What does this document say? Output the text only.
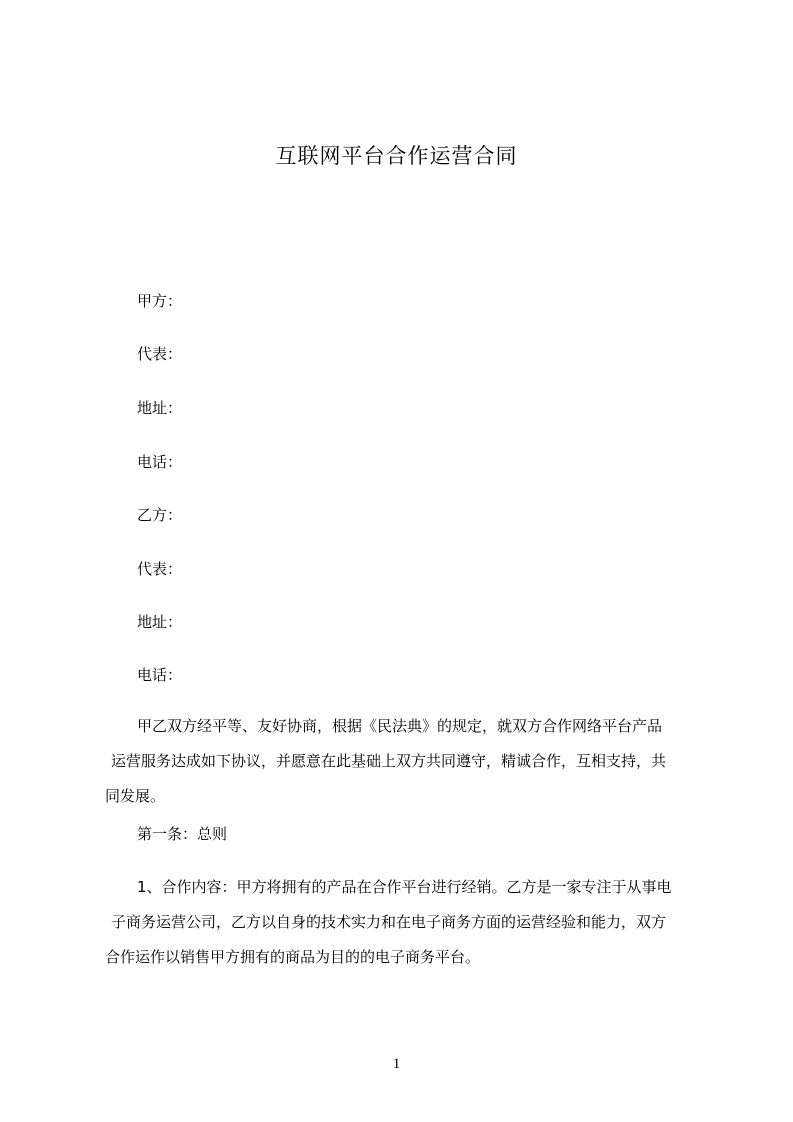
互联网平台合作运营合同
甲方：
代表：
地址：
电话：
乙方：
代表：
地址：
电话：
甲乙双方经平等、友好协商，根据《民法典》的规定，就双方合作网络平台产品
运营服务达成如下协议，并愿意在此基础上双方共同遵守，精诚合作，互相支持，共
同发展。
第一条：总则
1、合作内容：甲方将拥有的产品在合作平台进行经销。乙方是一家专注于从事电
子商务运营公司，乙方以自身的技术实力和在电子商务方面的运营经验和能力，双方
合作运作以销售甲方拥有的商品为目的的电子商务平台。
1
